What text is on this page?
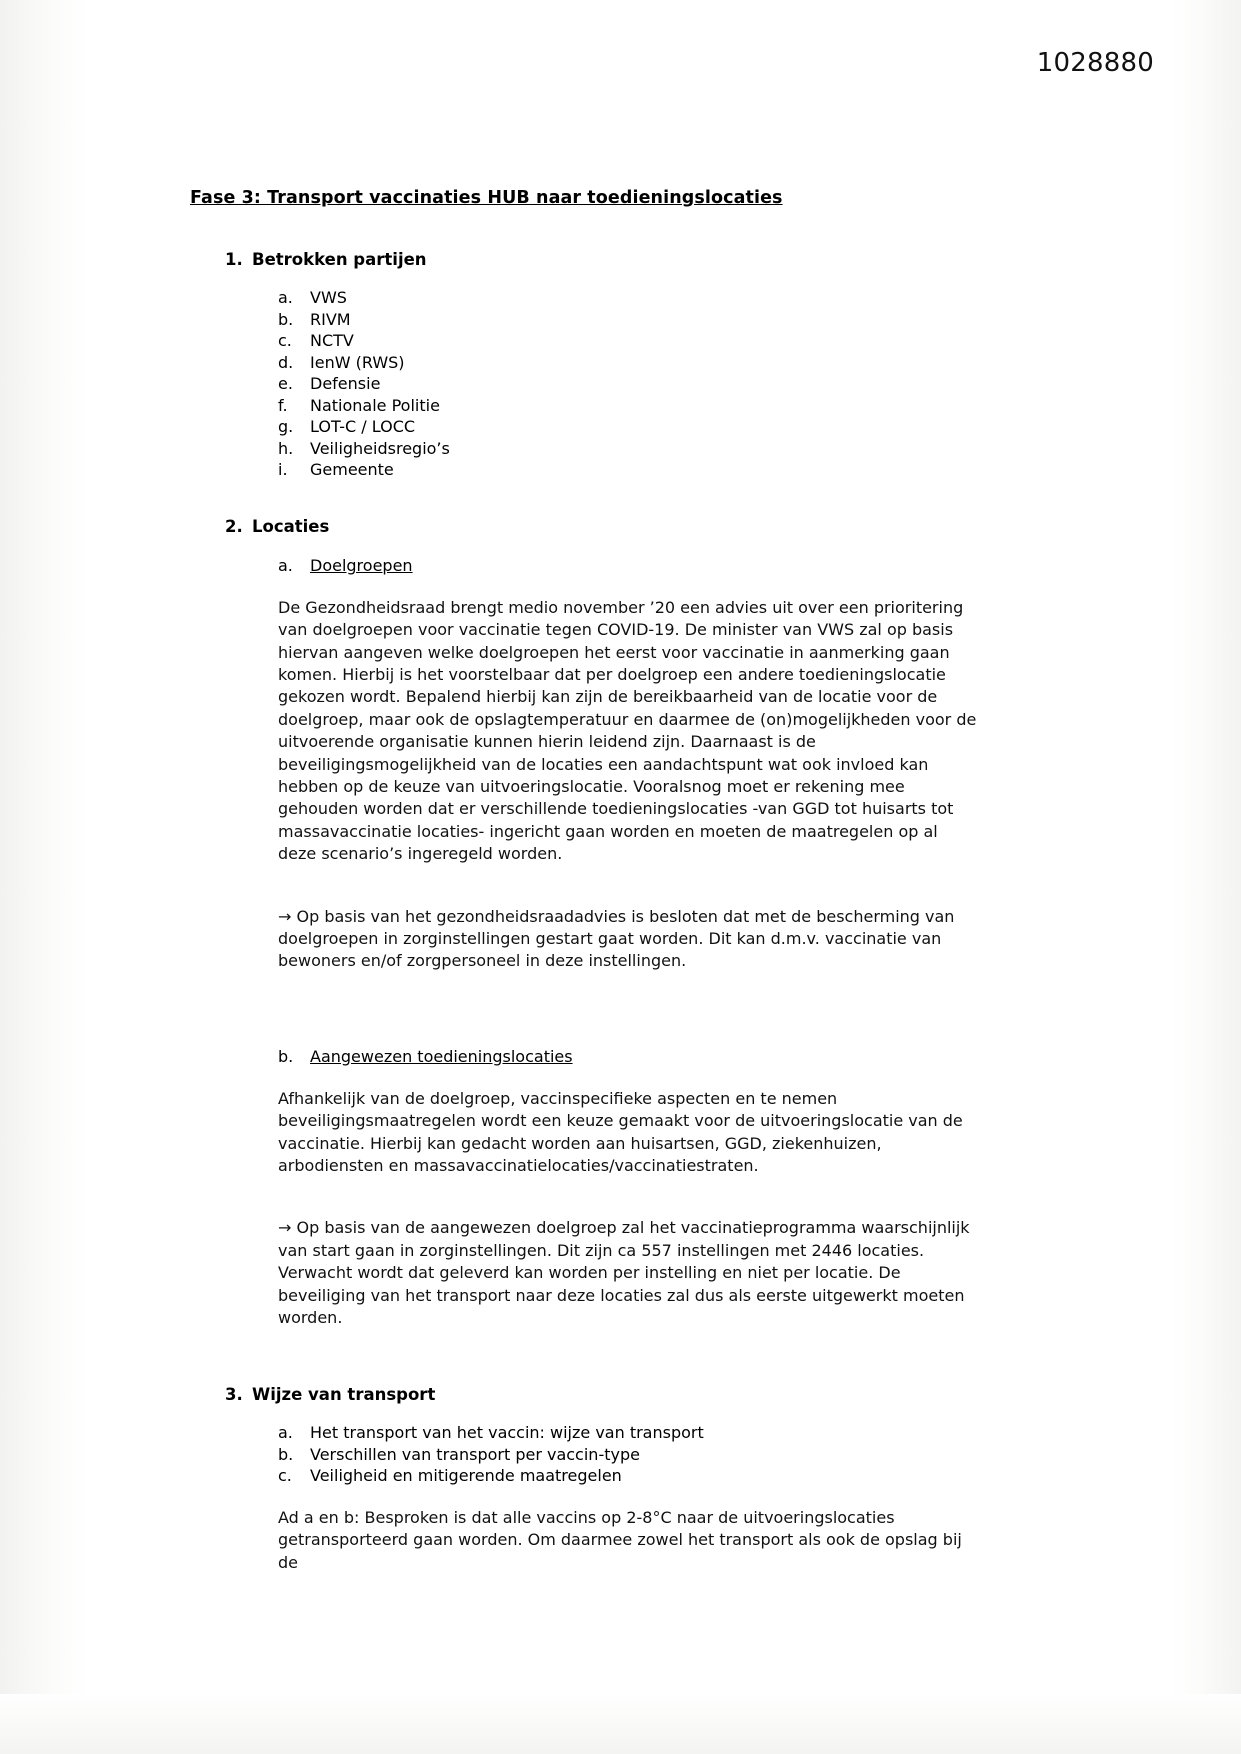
1028880
Fase 3: Transport vaccinaties HUB naar toedieningslocaties
1. Betrokken partijen
a. VWS
b. RIVM
c. NCTV
d. IenW (RWS)
e. Defensie
f. Nationale Politie
g. LOT-C / LOCC
h. Veiligheidsregio’s
i. Gemeente
2. Locaties
a. Doelgroepen

De Gezondheidsraad brengt medio november ’20 een advies uit over een prioritering van doelgroepen voor vaccinatie tegen COVID-19. De minister van VWS zal op basis hiervan aangeven welke doelgroepen het eerst voor vaccinatie in aanmerking gaan komen. Hierbij is het voorstelbaar dat per doelgroep een andere toedieningslocatie gekozen wordt. Bepalend hierbij kan zijn de bereikbaarheid van de locatie voor de doelgroep, maar ook de opslagtemperatuur en daarmee de (on)mogelijkheden voor de uitvoerende organisatie kunnen hierin leidend zijn. Daarnaast is de beveiligingsmogelijkheid van de locaties een aandachtspunt wat ook invloed kan hebben op de keuze van uitvoeringslocatie. Vooralsnog moet er rekening mee gehouden worden dat er verschillende toedieningslocaties -van GGD tot huisarts tot massavaccinatie locaties- ingericht gaan worden en moeten de maatregelen op al deze scenario’s ingeregeld worden.

→ Op basis van het gezondheidsraadadvies is besloten dat met de bescherming van doelgroepen in zorginstellingen gestart gaat worden. Dit kan d.m.v. vaccinatie van bewoners en/of zorgpersoneel in deze instellingen.

b. Aangewezen toedieningslocaties

Afhankelijk van de doelgroep, vaccinspecifieke aspecten en te nemen beveiligingsmaatregelen wordt een keuze gemaakt voor de uitvoeringslocatie van de vaccinatie. Hierbij kan gedacht worden aan huisartsen, GGD, ziekenhuizen, arbodiensten en massavaccinatielocaties/vaccinatiestraten.

→ Op basis van de aangewezen doelgroep zal het vaccinatieprogramma waarschijnlijk van start gaan in zorginstellingen. Dit zijn ca 557 instellingen met 2446 locaties. Verwacht wordt dat geleverd kan worden per instelling en niet per locatie. De beveiliging van het transport naar deze locaties zal dus als eerste uitgewerkt moeten worden.

3. Wijze van transport
a. Het transport van het vaccin: wijze van transport
b. Verschillen van transport per vaccin-type
c. Veiligheid en mitigerende maatregelen

Ad a en b: Besproken is dat alle vaccins op 2-8°C naar de uitvoeringslocaties getransporteerd gaan worden. Om daarmee zowel het transport als ook de opslag bij de
